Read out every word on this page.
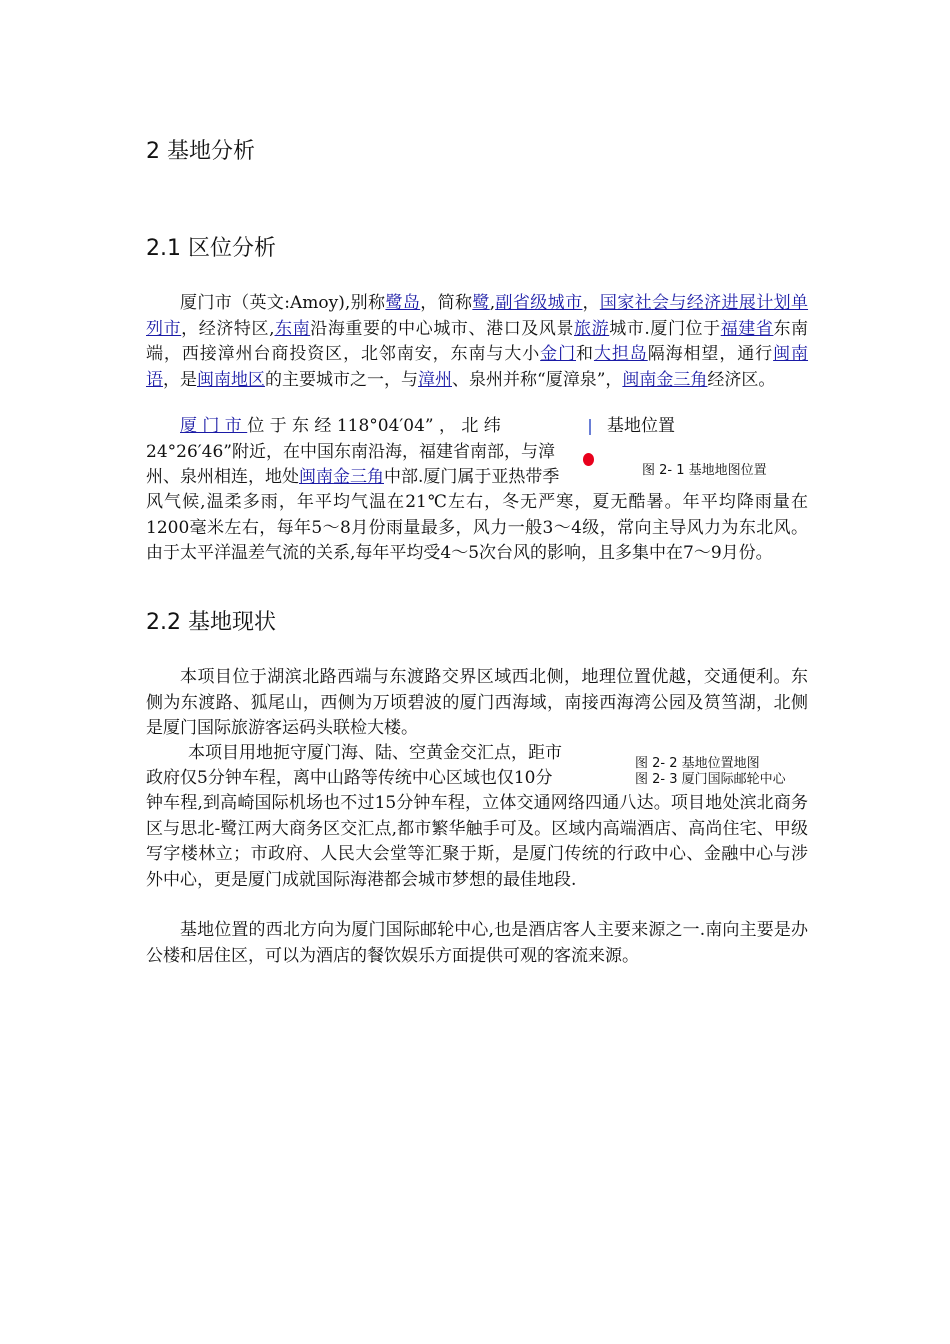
2 基地分析
2.1 区位分析

厦门市（英文:Amoy),别称鹭岛，简称鹭,副省级城市，国家社会与经济进展计划单列市，经济特区,东南沿海重要的中心城市、港口及风景旅游城市.厦门位于福建省东南端，西接漳州台商投资区，北邻南安，东南与大小金门和大担岛隔海相望，通行闽南语，是闽南地区的主要城市之一，与漳州、泉州并称“厦漳泉”，闽南金三角经济区。

厦 门 市 位 于 东 经 118°04′04” ， 北 纬	基地位置
24°26′46”附近，在中国东南沿海，福建省南部，与漳
图 2- 1 基地地图位置
州、泉州相连，地处闽南金三角中部.厦门属于亚热带季

风气候,温柔多雨，年平均气温在21℃左右，冬无严寒，夏无酷暑。年平均降雨量在1200毫米左右，每年5～8月份雨量最多，风力一般3～4级，常向主导风力为东北风。由于太平洋温差气流的关系,每年平均受4～5次台风的影响，且多集中在7～9月份。

2.2 基地现状

本项目位于湖滨北路西端与东渡路交界区域西北侧，地理位置优越，交通便利。东侧为东渡路、狐尾山，西侧为万顷碧波的厦门西海域，南接西海湾公园及筼筜湖，北侧是厦门国际旅游客运码头联检大楼。

本项目用地扼守厦门海、陆、空黄金交汇点，距市
图 2- 2 基地位置地图
政府仅5分钟车程，离中山路等传统中心区域也仅10分	图 2- 3 厦门国际邮轮中心

钟车程,到高崎国际机场也不过15分钟车程，立体交通网络四通八达。项目地处滨北商务区与思北-鹭江两大商务区交汇点,都市繁华触手可及。区域内高端酒店、高尚住宅、甲级写字楼林立；市政府、人民大会堂等汇聚于斯，是厦门传统的行政中心、金融中心与涉外中心，更是厦门成就国际海港都会城市梦想的最佳地段.

基地位置的西北方向为厦门国际邮轮中心,也是酒店客人主要来源之一.南向主要是办公楼和居住区，可以为酒店的餐饮娱乐方面提供可观的客流来源。
